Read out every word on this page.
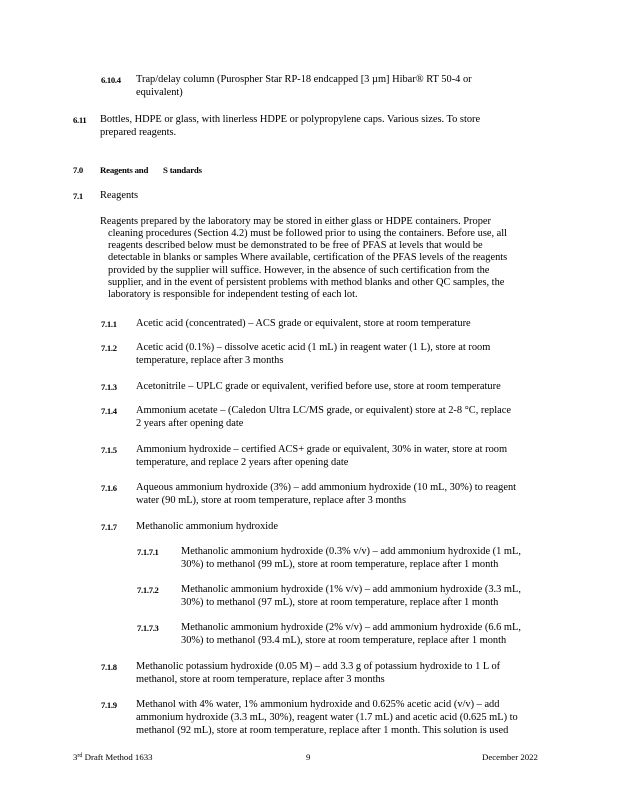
6.10.4 Trap/delay column (Purospher Star RP-18 endcapped [3 µm] Hibar® RT 50-4 or
equivalent)
6.11 Bottles, HDPE or glass, with linerless HDPE or polypropylene caps. Various sizes. To store
prepared reagents.
7.0 Reagents and S tandards
7.1 Reagents
Reagents prepared by the laboratory may be stored in either glass or HDPE containers. Proper
cleaning procedures (Section 4.2) must be followed prior to using the containers. Before use, all
reagents described below must be demonstrated to be free of PFAS at levels that would be
detectable in blanks or samples Where available, certification of the PFAS levels of the reagents
provided by the supplier will suffice. However, in the absence of such certification from the
supplier, and in the event of persistent problems with method blanks and other QC samples, the
laboratory is responsible for independent testing of each lot.
7.1.1 Acetic acid (concentrated) – ACS grade or equivalent, store at room temperature
7.1.2 Acetic acid (0.1%) – dissolve acetic acid (1 mL) in reagent water (1 L), store at room
temperature, replace after 3 months
7.1.3 Acetonitrile – UPLC grade or equivalent, verified before use, store at room temperature
7.1.4 Ammonium acetate – (Caledon Ultra LC/MS grade, or equivalent) store at 2-8 °C, replace
2 years after opening date
7.1.5 Ammonium hydroxide – certified ACS+ grade or equivalent, 30% in water, store at room
temperature, and replace 2 years after opening date
7.1.6 Aqueous ammonium hydroxide (3%) – add ammonium hydroxide (10 mL, 30%) to reagent
water (90 mL), store at room temperature, replace after 3 months
7.1.7 Methanolic ammonium hydroxide
7.1.7.1 Methanolic ammonium hydroxide (0.3% v/v) – add ammonium hydroxide (1 mL,
30%) to methanol (99 mL), store at room temperature, replace after 1 month
7.1.7.2 Methanolic ammonium hydroxide (1% v/v) – add ammonium hydroxide (3.3 mL,
30%) to methanol (97 mL), store at room temperature, replace after 1 month
7.1.7.3 Methanolic ammonium hydroxide (2% v/v) – add ammonium hydroxide (6.6 mL,
30%) to methanol (93.4 mL), store at room temperature, replace after 1 month
7.1.8 Methanolic potassium hydroxide (0.05 M) – add 3.3 g of potassium hydroxide to 1 L of
methanol, store at room temperature, replace after 3 months
7.1.9 Methanol with 4% water, 1% ammonium hydroxide and 0.625% acetic acid (v/v) – add
ammonium hydroxide (3.3 mL, 30%), reagent water (1.7 mL) and acetic acid (0.625 mL) to
methanol (92 mL), store at room temperature, replace after 1 month. This solution is used
3rd Draft Method 1633	9	December 2022
